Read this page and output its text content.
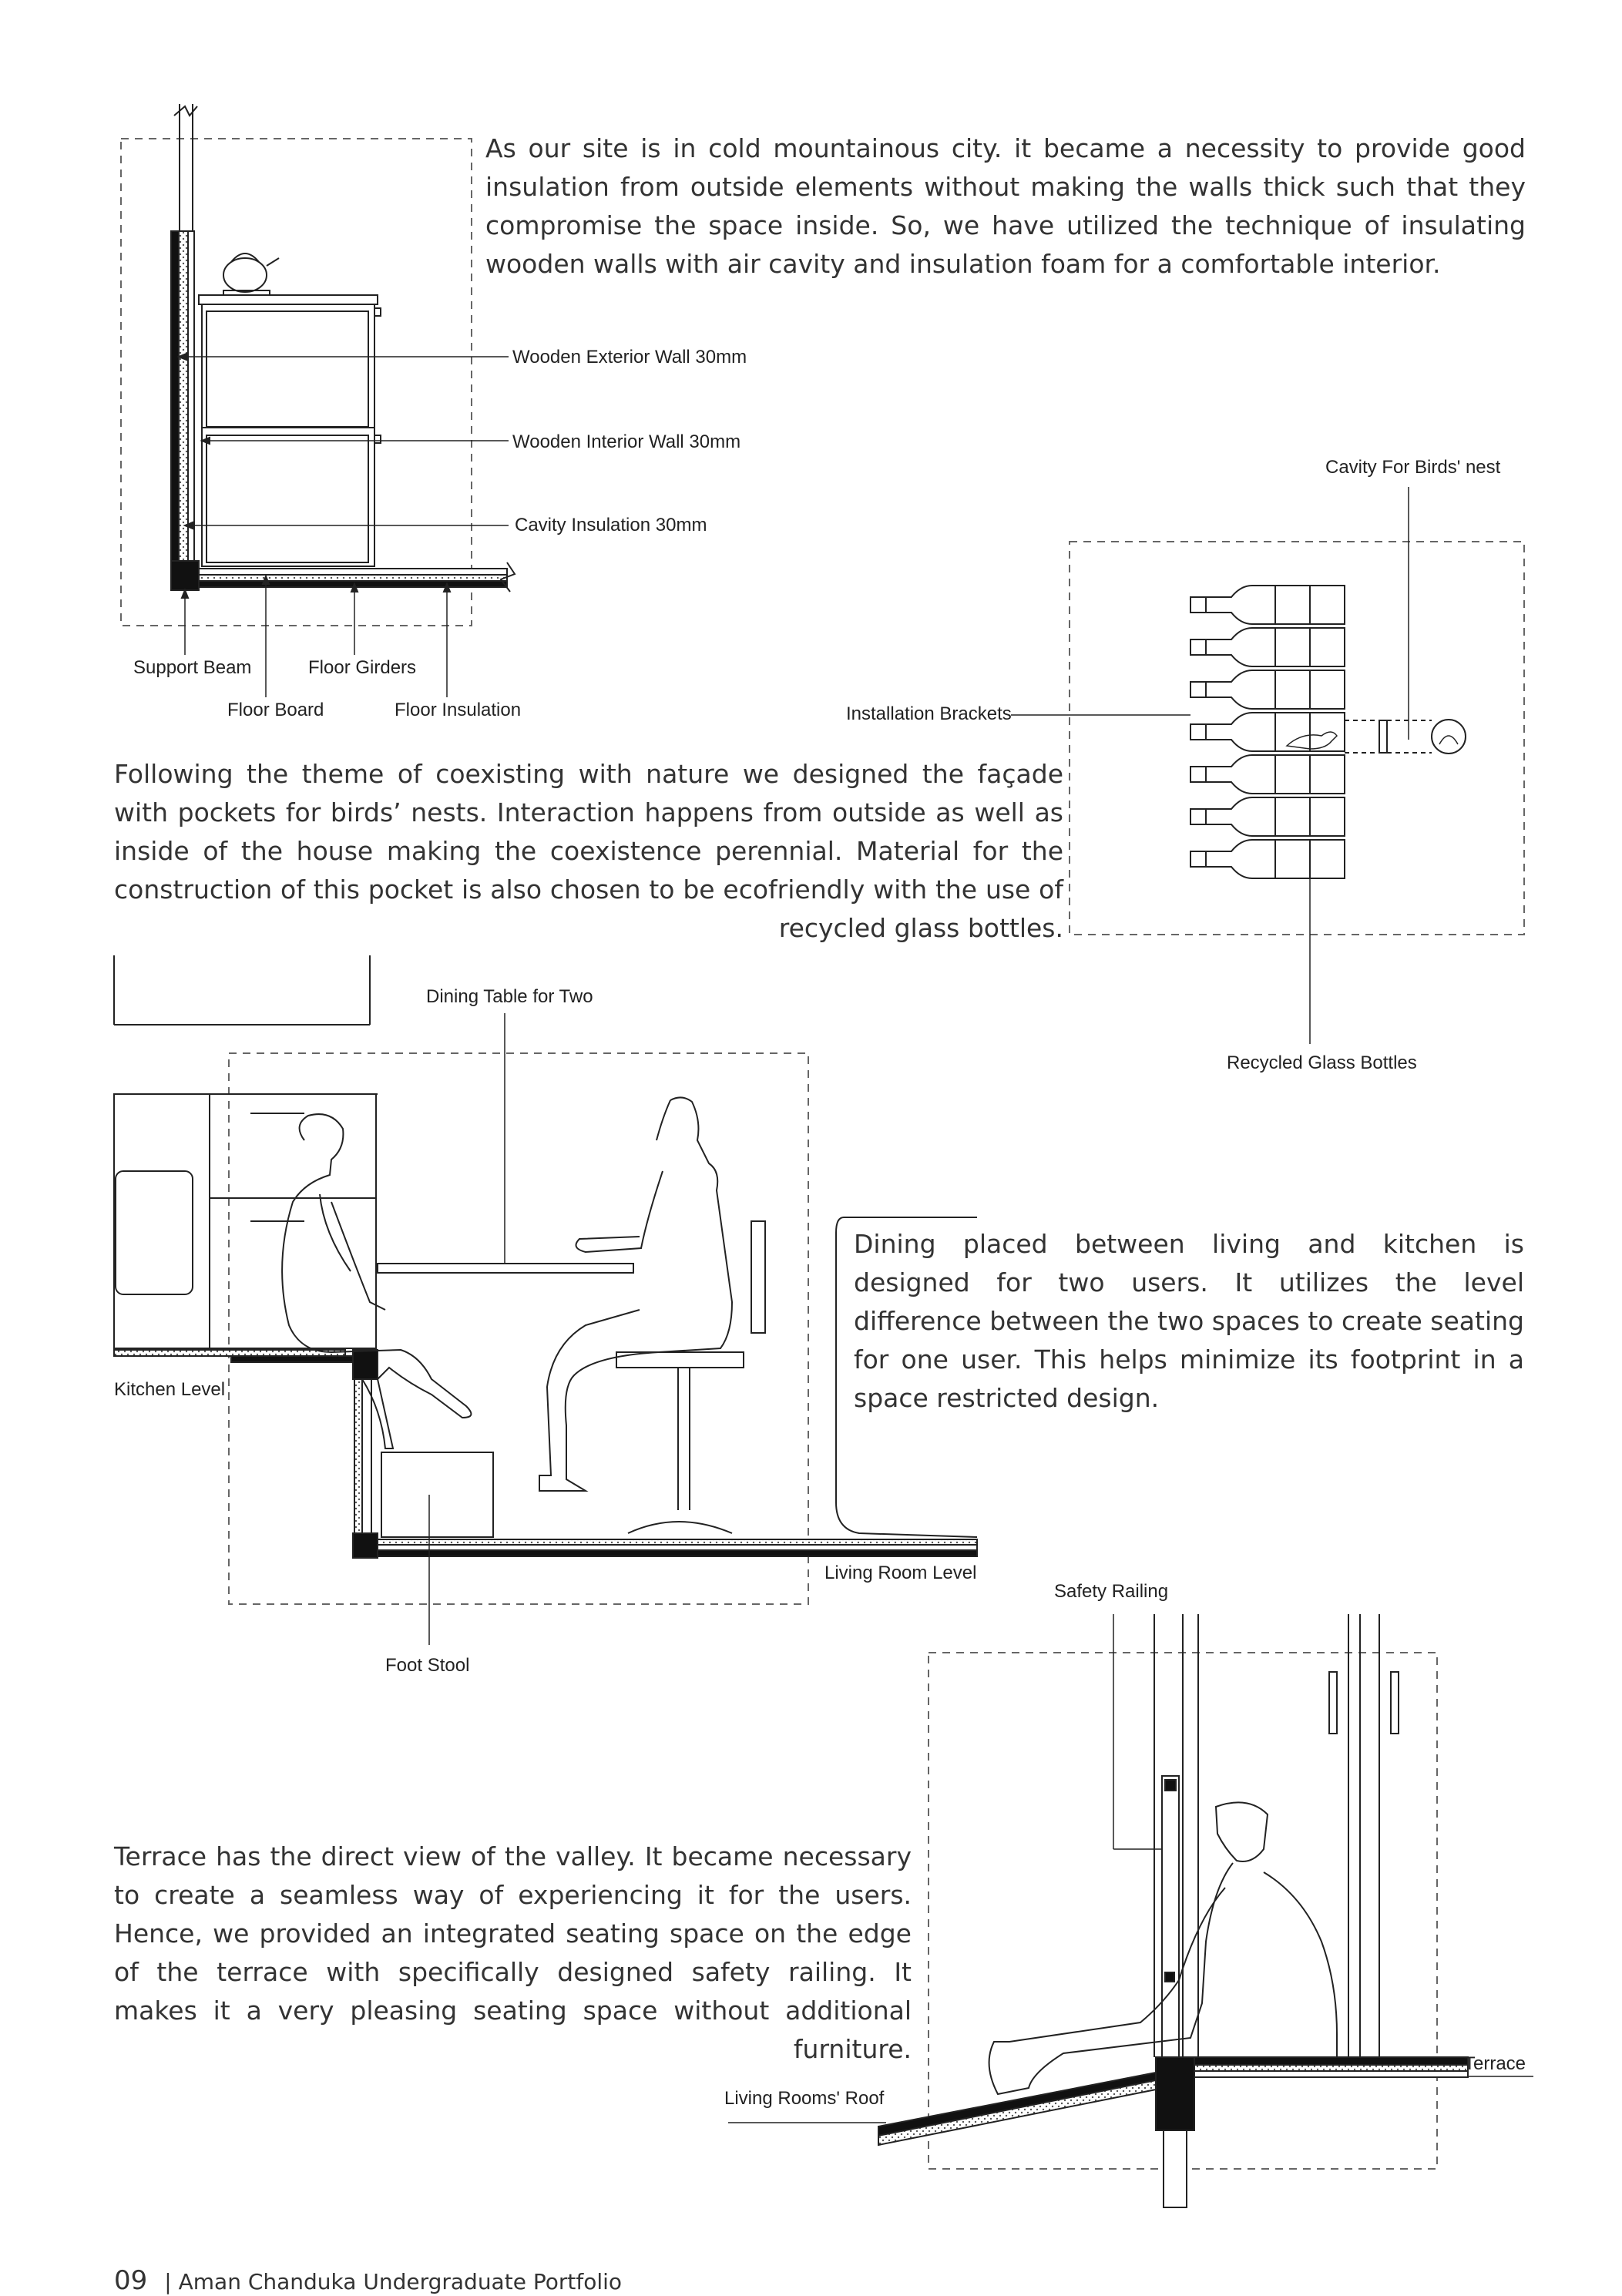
As our site is in cold mountainous city. it became a necessity to provide good insulation from outside elements without making the walls thick such that they compromise the space inside. So, we have utilized the technique of insulating wooden walls with air cavity and insulation foam for a comfortable interior.
Following the theme of coexisting with nature we designed the façade with pockets for birds’ nests. Interaction happens from outside as well as inside of the house making the coexistence perennial. Material for the construction of this pocket is also chosen to be ecofriendly with the use of recycled glass bottles.
Dining placed between living and kitchen is designed for two users. It utilizes the level difference between the two spaces to create seating for one user. This helps minimize its footprint in a space restricted design.
Terrace has the direct view of the valley. It became necessary to create a seamless way of experiencing it for the users. Hence, we provided an integrated seating space on the edge of the terrace with specifically designed safety railing. It makes it a very pleasing seating space without additional furniture.
Wooden Exterior Wall 30mm
Wooden Interior Wall 30mm
Cavity Insulation 30mm
Support Beam	Floor Girders
Floor Board	Floor Insulation
Cavity For Birds' nest
Installation Brackets
Recycled Glass Bottles
Dining Table for Two
Kitchen Level
Living Room Level
Foot Stool
Safety Railing
Terrace
Living Rooms' Roof
09 | Aman Chanduka Undergraduate Portfolio
